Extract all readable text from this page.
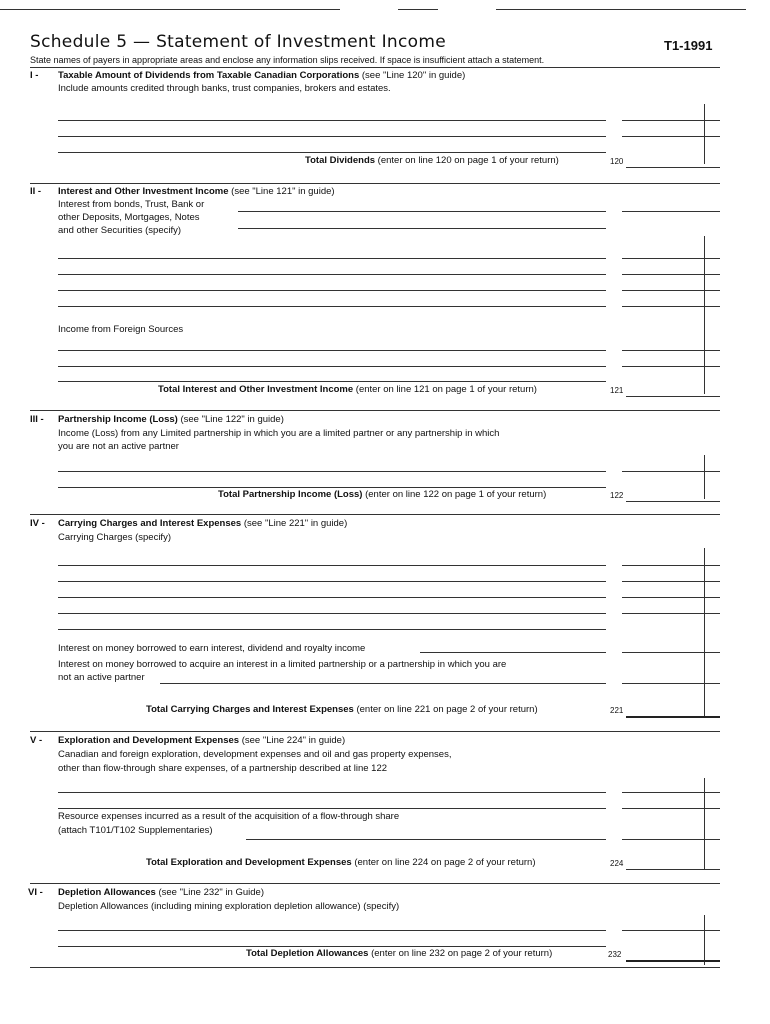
Schedule 5 — Statement of Investment Income	T1-1991
State names of payers in appropriate areas and enclose any information slips received. If space is insufficient attach a statement.
I - Taxable Amount of Dividends from Taxable Canadian Corporations (see "Line 120" in guide)
Include amounts credited through banks, trust companies, brokers and estates.
Total Dividends (enter on line 120 on page 1 of your return)	120
II - Interest and Other Investment Income (see "Line 121" in guide)
Interest from bonds, Trust, Bank or
other Deposits, Mortgages, Notes
and other Securities (specify)
Income from Foreign Sources
Total Interest and Other Investment Income (enter on line 121 on page 1 of your return)	121
III - Partnership Income (Loss) (see "Line 122" in guide)
Income (Loss) from any Limited partnership in which you are a limited partner or any partnership in which
you are not an active partner
Total Partnership Income (Loss) (enter on line 122 on page 1 of your return)	122
IV - Carrying Charges and Interest Expenses (see "Line 221" in guide)
Carrying Charges (specify)
Interest on money borrowed to earn interest, dividend and royalty income
Interest on money borrowed to acquire an interest in a limited partnership or a partnership in which you are
not an active partner
Total Carrying Charges and Interest Expenses (enter on line 221 on page 2 of your return)	221
V - Exploration and Development Expenses (see "Line 224" in guide)
Canadian and foreign exploration, development expenses and oil and gas property expenses,
other than flow-through share expenses, of a partnership described at line 122
Resource expenses incurred as a result of the acquisition of a flow-through share
(attach T101/T102 Supplementaries)
Total Exploration and Development Expenses (enter on line 224 on page 2 of your return)	224
VI - Depletion Allowances (see "Line 232" in Guide)
Depletion Allowances (including mining exploration depletion allowance) (specify)
Total Depletion Allowances (enter on line 232 on page 2 of your return)	232
